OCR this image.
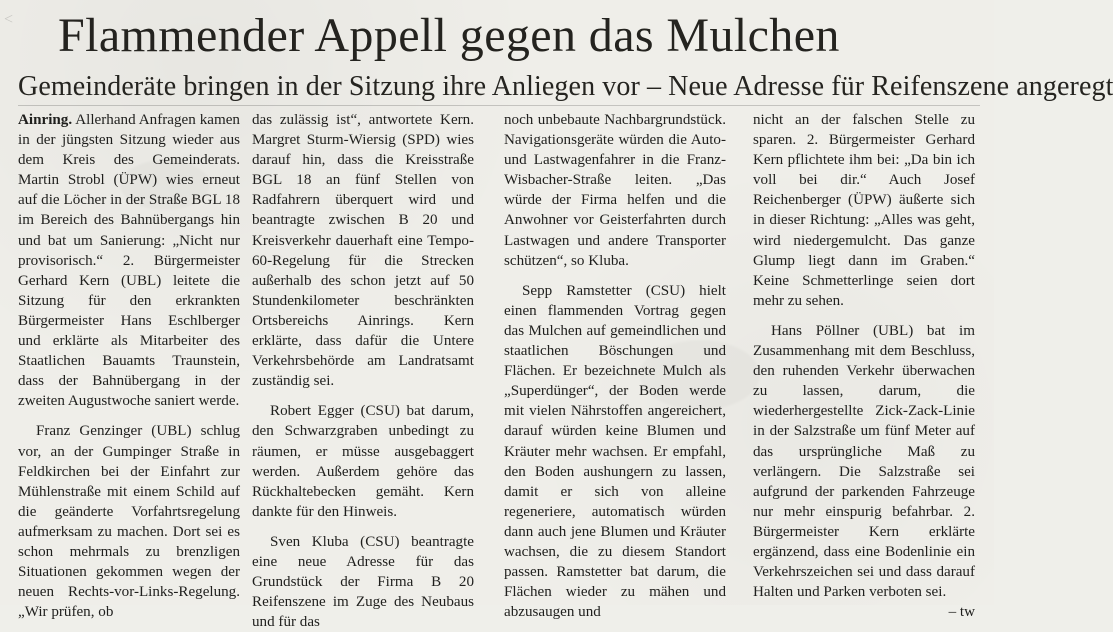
<
Flammender Appell gegen das Mulchen
Gemeinderäte bringen in der Sitzung ihre Anliegen vor – Neue Adresse für Reifenszene angeregt

Ainring. Allerhand Anfragen kamen in der jüngsten Sitzung wieder aus dem Kreis des Gemeinderats. Martin Strobl (ÜPW) wies erneut auf die Löcher in der Straße BGL 18 im Bereich des Bahnübergangs hin und bat um Sanierung: „Nicht nur provisorisch.“ 2. Bürgermeister Gerhard Kern (UBL) leitete die Sitzung für den erkrankten Bürgermeister Hans Eschlberger und erklärte als Mitarbeiter des Staatlichen Bauamts Traunstein, dass der Bahnübergang in der zweiten Augustwoche saniert werde.

Franz Genzinger (UBL) schlug vor, an der Gumpinger Straße in Feldkirchen bei der Einfahrt zur Mühlenstraße mit einem Schild auf die geänderte Vorfahrtsregelung aufmerksam zu machen. Dort sei es schon mehrmals zu brenzligen Situationen gekommen wegen der neuen Rechts-vor-Links-Regelung. „Wir prüfen, ob

das zulässig ist“, antwortete Kern. Margret Sturm-Wiersig (SPD) wies darauf hin, dass die Kreisstraße BGL 18 an fünf Stellen von Radfahrern überquert wird und beantragte zwischen B 20 und Kreisverkehr dauerhaft eine Tempo-60-Regelung für die Strecken außerhalb des schon jetzt auf 50 Stundenkilometer beschränkten Ortsbereichs Ainrings. Kern erklärte, dass dafür die Untere Verkehrsbehörde am Landratsamt zuständig sei.

Robert Egger (CSU) bat darum, den Schwarzgraben unbedingt zu räumen, er müsse ausgebaggert werden. Außerdem gehöre das Rückhaltebecken gemäht. Kern dankte für den Hinweis.

Sven Kluba (CSU) beantragte eine neue Adresse für das Grundstück der Firma B 20 Reifenszene im Zuge des Neubaus und für das

noch unbebaute Nachbargrundstück. Navigationsgeräte würden die Auto- und Lastwagenfahrer in die Franz-Wisbacher-Straße leiten. „Das würde der Firma helfen und die Anwohner vor Geisterfahrten durch Lastwagen und andere Transporter schützen“, so Kluba.

Sepp Ramstetter (CSU) hielt einen flammenden Vortrag gegen das Mulchen auf gemeindlichen und staatlichen Böschungen und Flächen. Er bezeichnete Mulch als „Superdünger“, der Boden werde mit vielen Nährstoffen angereichert, darauf würden keine Blumen und Kräuter mehr wachsen. Er empfahl, den Boden aushungern zu lassen, damit er sich von alleine regeneriere, automatisch würden dann auch jene Blumen und Kräuter wachsen, die zu diesem Standort passen. Ramstetter bat darum, die Flächen wieder zu mähen und abzusaugen und

nicht an der falschen Stelle zu sparen. 2. Bürgermeister Gerhard Kern pflichtete ihm bei: „Da bin ich voll bei dir.“ Auch Josef Reichenberger (ÜPW) äußerte sich in dieser Richtung: „Alles was geht, wird niedergemulcht. Das ganze Glump liegt dann im Graben.“ Keine Schmetterlinge seien dort mehr zu sehen.

Hans Pöllner (UBL) bat im Zusammenhang mit dem Beschluss, den ruhenden Verkehr überwachen zu lassen, darum, die wiederhergestellte Zick-Zack-Linie in der Salzstraße um fünf Meter auf das ursprüngliche Maß zu verlängern. Die Salzstraße sei aufgrund der parkenden Fahrzeuge nur mehr einspurig befahrbar. 2. Bürgermeister Kern erklärte ergänzend, dass eine Bodenlinie ein Verkehrszeichen sei und dass darauf Halten und Parken verboten sei.
– tw
